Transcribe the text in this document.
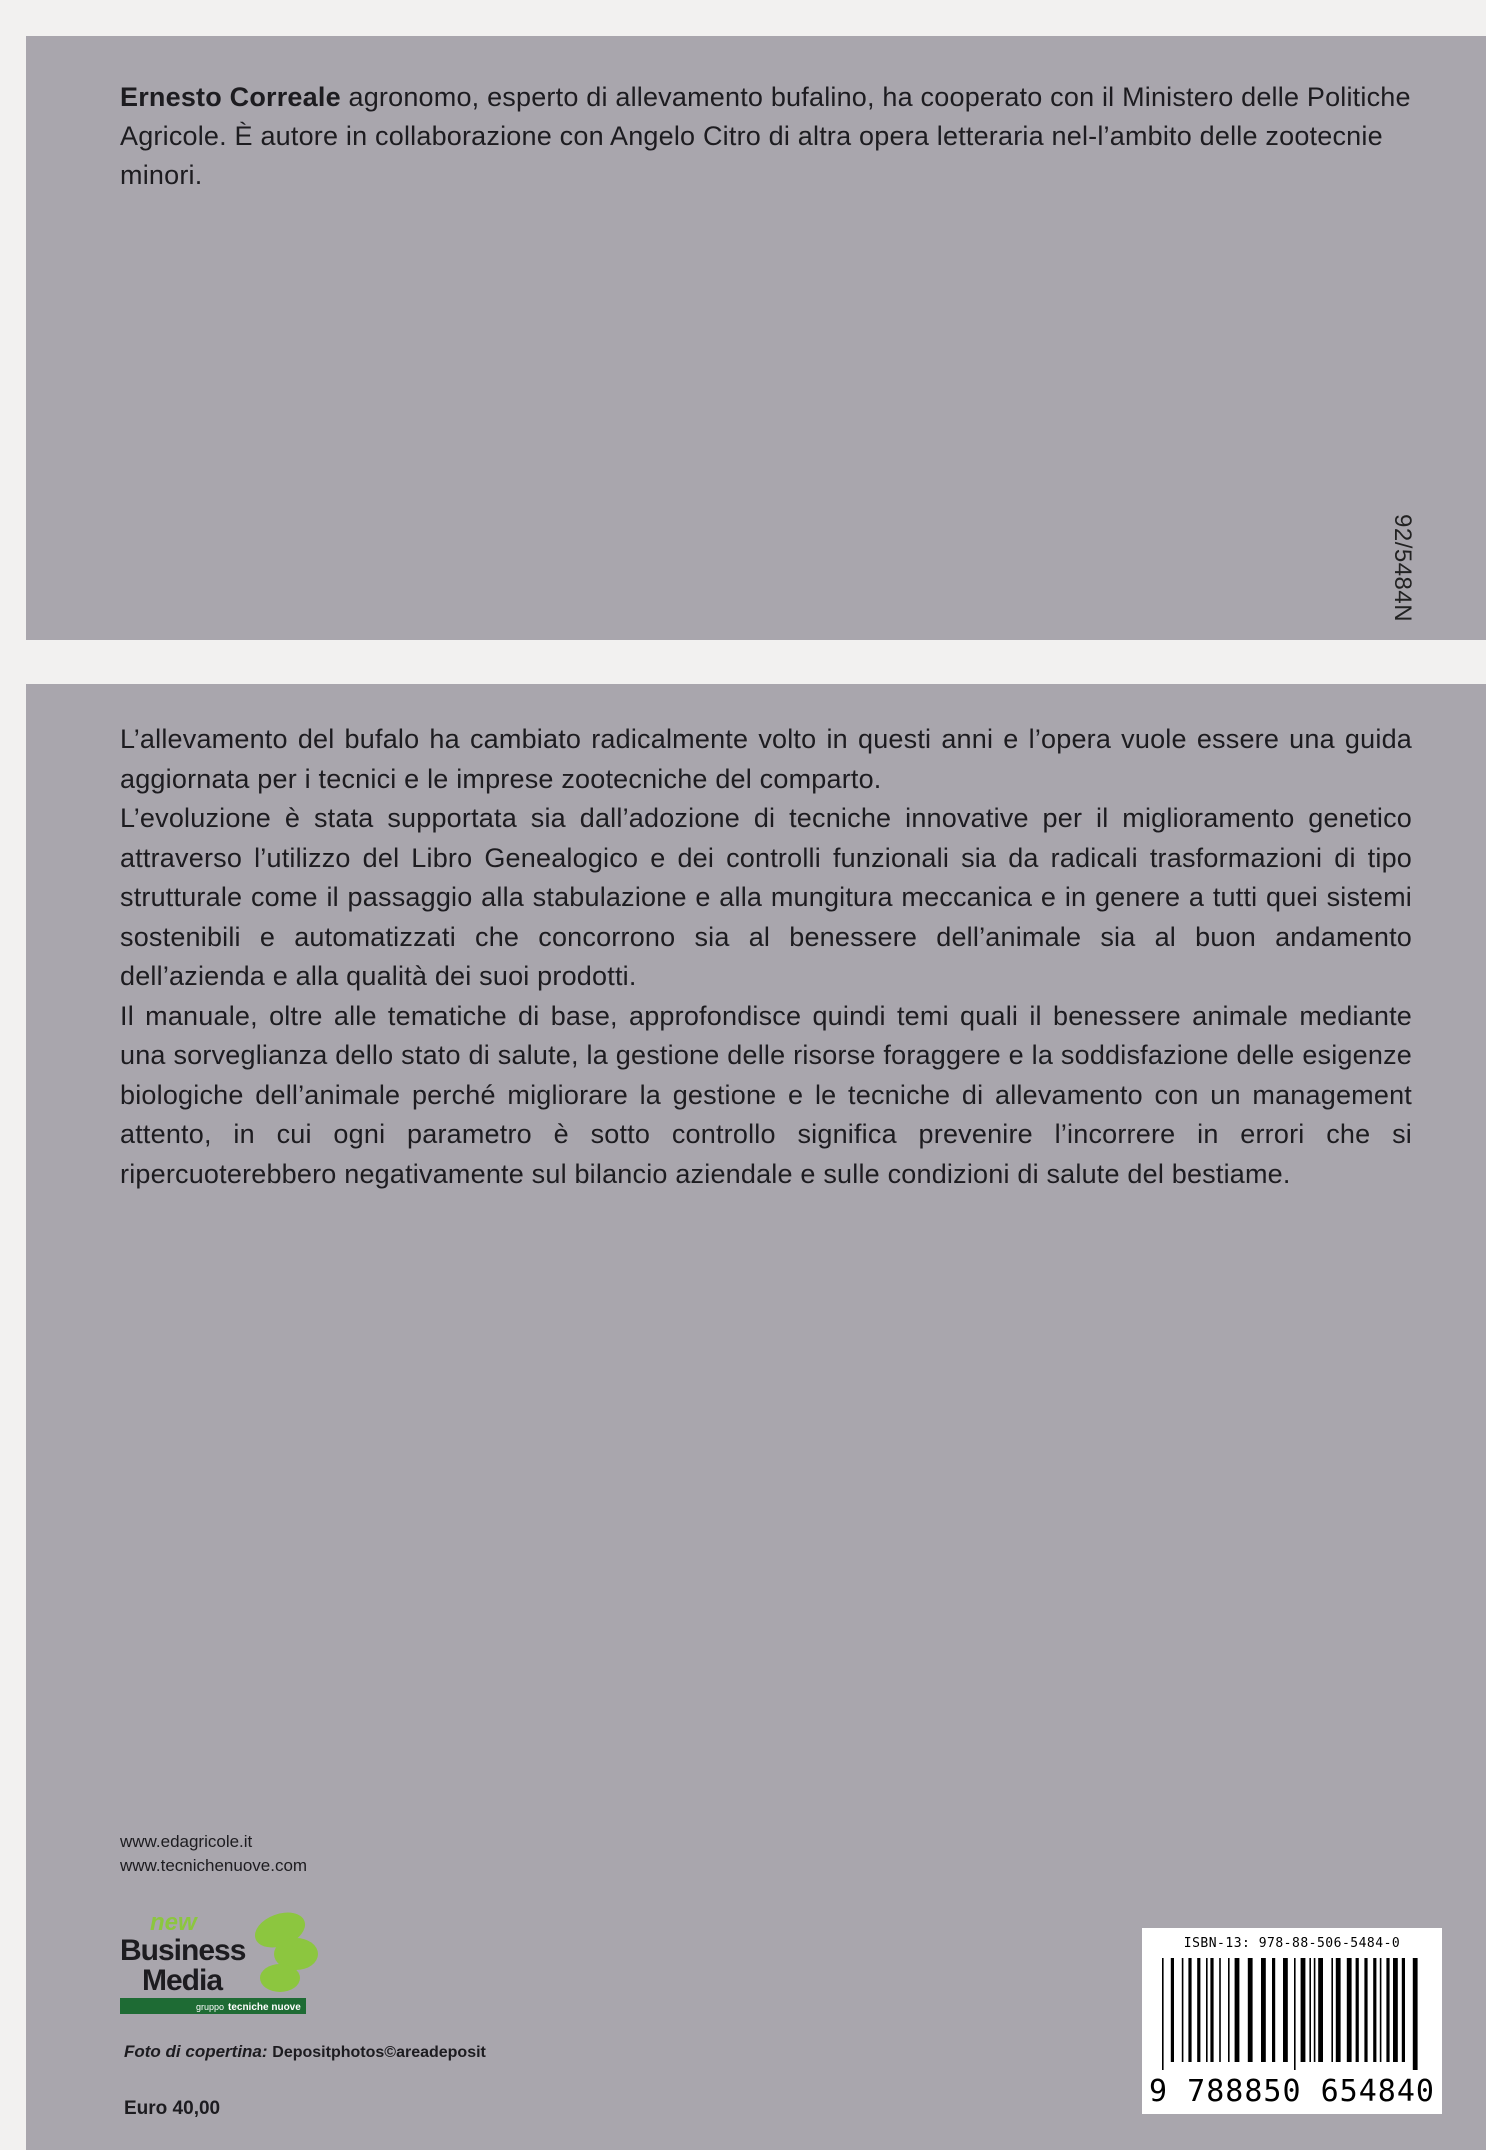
Ernesto Correale agronomo, esperto di allevamento bufalino, ha cooperato con il Ministero delle Politiche Agricole. È autore in collaborazione con Angelo Citro di altra opera letteraria nel-l’ambito delle zootecnie minori.
92/5484N

L’allevamento del bufalo ha cambiato radicalmente volto in questi anni e l’opera vuole essere una guida aggiornata per i tecnici e le imprese zootecniche del comparto.

L’evoluzione è stata supportata sia dall’adozione di tecniche innovative per il miglioramento genetico attraverso l’utilizzo del Libro Genealogico e dei controlli funzionali sia da radicali trasformazioni di tipo strutturale come il passaggio alla stabulazione e alla mungitura meccanica e in genere a tutti quei sistemi sostenibili e automatizzati che concorrono sia al benessere dell’animale sia al buon andamento dell’azienda e alla qualità dei suoi prodotti.

Il manuale, oltre alle tematiche di base, approfondisce quindi temi quali il benessere animale mediante una sorveglianza dello stato di salute, la gestione delle risorse foraggere e la soddisfazione delle esigenze biologiche dell’animale perché migliorare la gestione e le tecniche di allevamento con un management attento, in cui ogni parametro è sotto controllo significa prevenire l’incorrere in errori che si ripercuoterebbero negativamente sul bilancio aziendale e sulle condizioni di salute del bestiame.

www.edagricole.it
www.tecnichenuove.com
new
Business
Media
gruppo tecniche nuove
Foto di copertina: Depositphotos©areadeposit
Euro 40,00
ISBN-13: 978-88-506-5484-0
9 788850 654840
